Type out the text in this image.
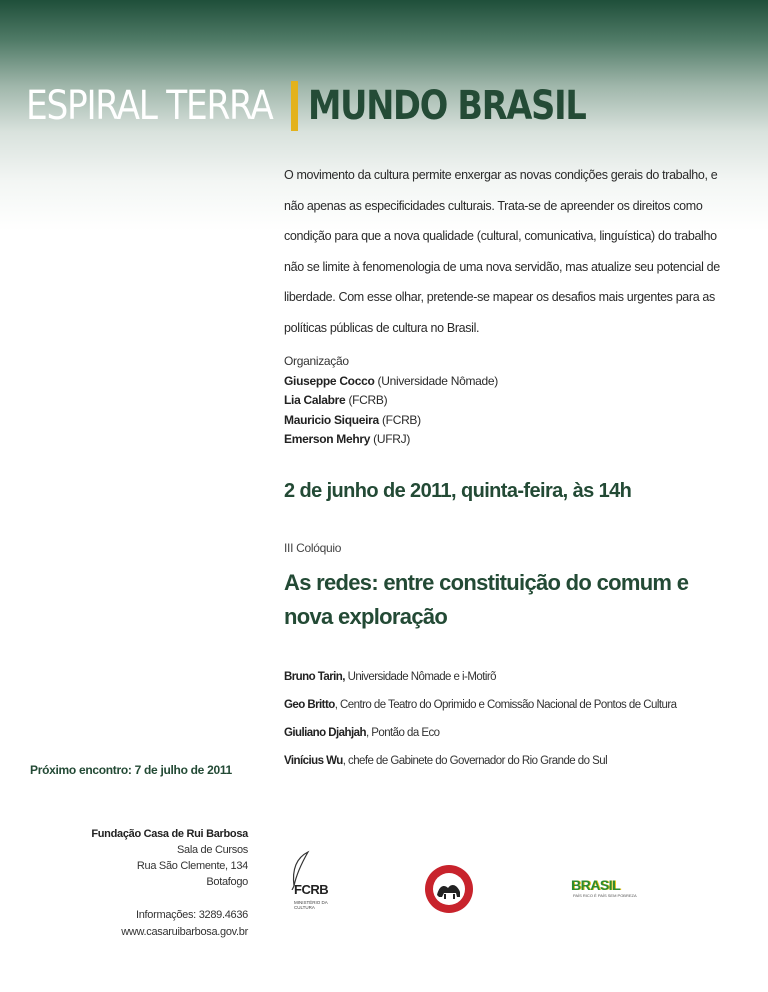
ESPIRAL TERRA MUNDO BRASIL

O movimento da cultura permite enxergar as novas condições gerais do trabalho, e não apenas as especificidades culturais. Trata-se de apreender os direitos como condição para que a nova qualidade (cultural, comunicativa, linguística) do trabalho não se limite à fenomenologia de uma nova servidão, mas atualize seu potencial de liberdade. Com esse olhar, pretende-se mapear os desafios mais urgentes para as políticas públicas de cultura no Brasil.

Organização
Giuseppe Cocco (Universidade Nômade)
Lia Calabre (FCRB)
Mauricio Siqueira (FCRB)
Emerson Mehry (UFRJ)
2 de junho de 2011, quinta-feira, às 14h
III Colóquio
As redes: entre constituição do comum e nova exploração
Bruno Tarin, Universidade Nômade e i-Motirõ
Geo Britto, Centro de Teatro do Oprimido e Comissão Nacional de Pontos de Cultura
Giuliano Djahjah, Pontão da Eco
Vinícius Wu, chefe de Gabinete do Governador do Rio Grande do Sul
Próximo encontro: 7 de julho de 2011
Fundação Casa de Rui Barbosa
Sala de Cursos
Rua São Clemente, 134
Botafogo
Informações: 3289.4636
www.casaruibarbosa.gov.br
FCRB
MINISTÉRIO DA CULTURA
BRASIL
PAÍS RICO É PAÍS SEM POBREZA
